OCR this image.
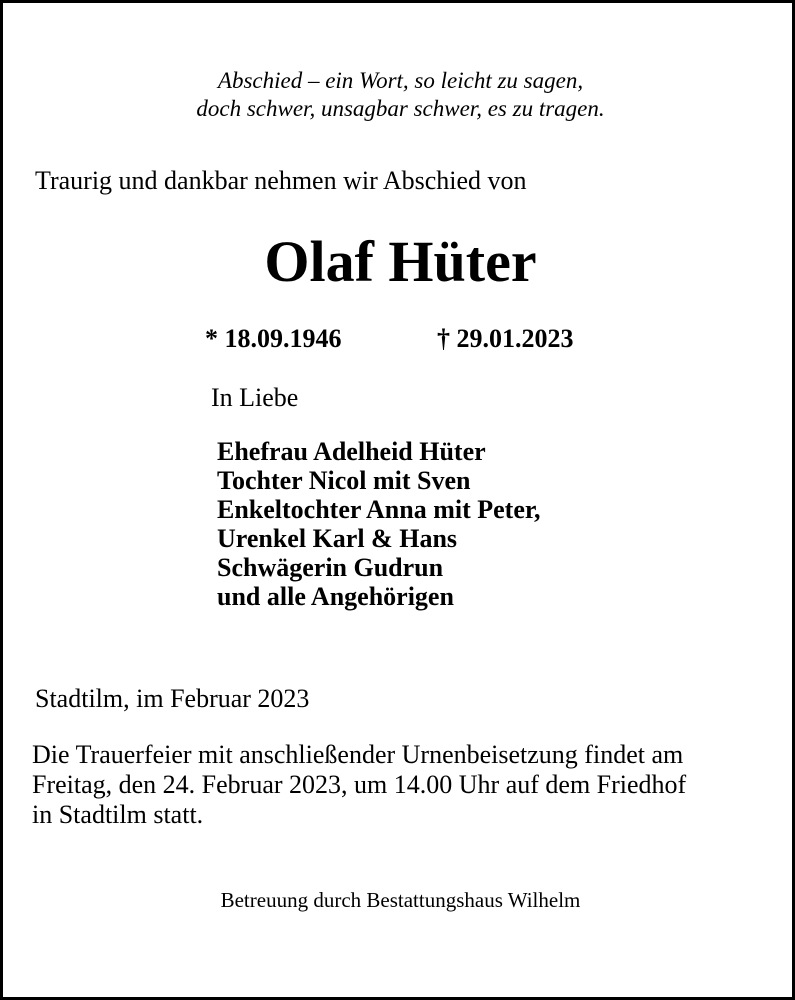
Abschied – ein Wort, so leicht zu sagen,
doch schwer, unsagbar schwer, es zu tragen.
Traurig und dankbar nehmen wir Abschied von
Olaf Hüter
* 18.09.1946	† 29.01.2023
In Liebe
Ehefrau Adelheid Hüter
Tochter Nicol mit Sven
Enkeltochter Anna mit Peter,
Urenkel Karl & Hans
Schwägerin Gudrun
und alle Angehörigen
Stadtilm, im Februar 2023
Die Trauerfeier mit anschließender Urnenbeisetzung findet am
Freitag, den 24. Februar 2023, um 14.00 Uhr auf dem Friedhof
in Stadtilm statt.
Betreuung durch Bestattungshaus Wilhelm
